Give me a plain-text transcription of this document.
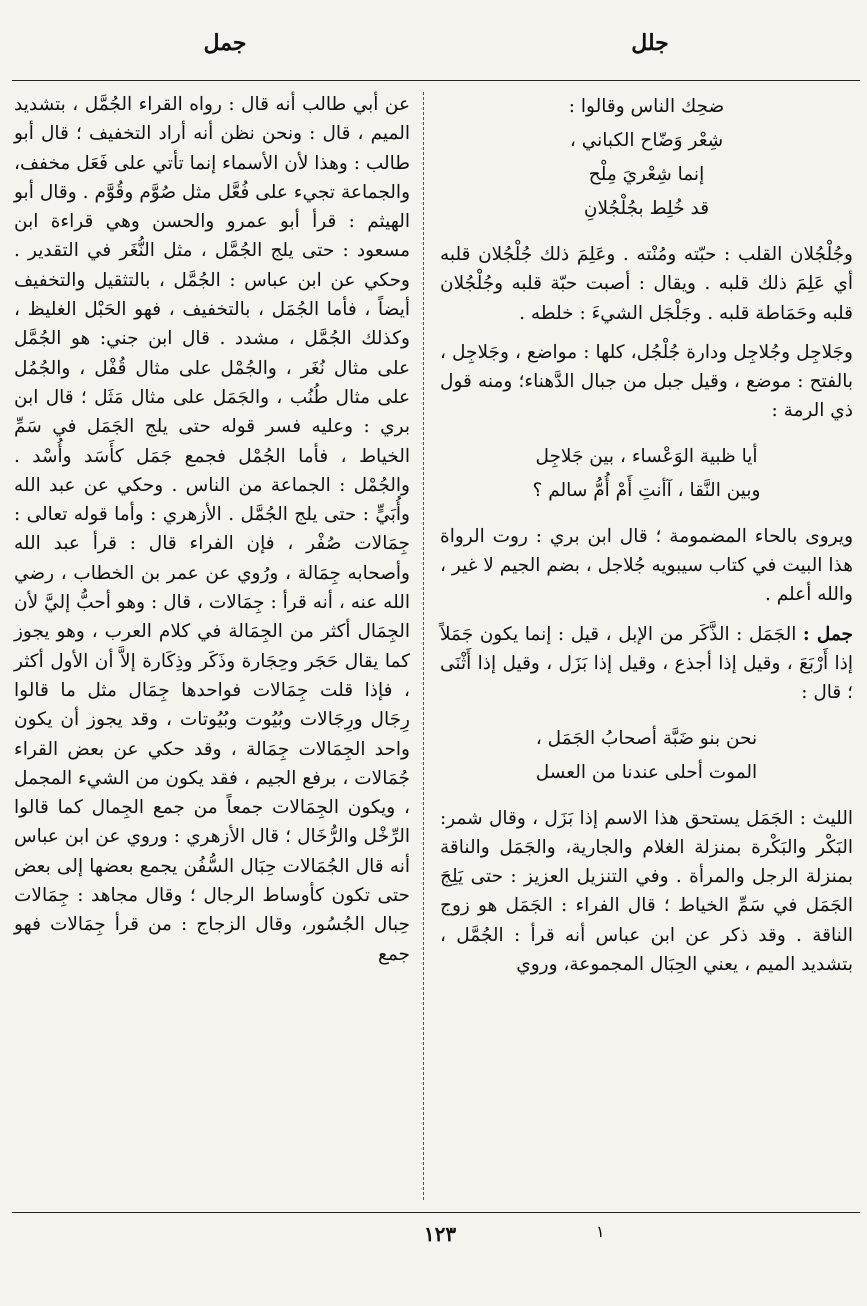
جلل
جمل
ضحِك الناس وقالوا :
شِعْر وَضّاح الكباني ،
إنما شِعْريَ مِلْح
قد خُلِط بجُلْجُلانِ

وجُلْجُلان القلب : حبّته ومُنْته . وعَلِمَ ذلك جُلْجُلان قلبه أي عَلِمَ ذلك قلبه . ويقال : أصبت حبّة قلبه وجُلْجُلان قلبه وحَمَاطة قلبه . وجَلْجَل الشيءَ : خلطه .

وجَلاجِل وجُلاجِل ودارة جُلْجُل، كلها : مواضع ، وجَلاجِل ، بالفتح : موضع ، وقيل جبل من جبال الدَّهناء؛ ومنه قول ذي الرمة :

أيا ظبية الوَعْساء ، بين جَلاجِل
وبين النَّقا ، آأنتِ أَمْ أُمُّ سالم ؟

ويروى بالحاء المضمومة ؛ قال ابن بري : روت الرواة هذا البيت في كتاب سيبويه جُلاجل ، بضم الجيم لا غير ، والله أعلم .

جمل : الجَمَل : الذَّكَر من الإبل ، قيل : إنما يكون جَمَلاً إذا أَرْبَعَ ، وقيل إذا أجذع ، وقيل إذا بَزَل ، وقيل إذا أَثْنَى ؛ قال :

نحن بنو ضَبَّة أصحابُ الجَمَل ،
الموت أحلى عندنا من العسل

الليث : الجَمَل يستحق هذا الاسم إذا بَزَل ، وقال شمر: البَكْر والبَكْرة بمنزلة الغلام والجارية، والجَمَل والناقة بمنزلة الرجل والمرأة . وفي التنزيل العزيز : حتى يَلِجَ الجَمَل في سَمِّ الخياط ؛ قال الفراء : الجَمَل هو زوج الناقة . وقد ذكر عن ابن عباس أنه قرأ : الجُمَّل ، بتشديد الميم ، يعني الحِبَال المجموعة، وروي

عن أبي طالب أنه قال : رواه القراء الجُمَّل ، بتشديد الميم ، قال : ونحن نظن أنه أراد التخفيف ؛ قال أبو طالب : وهذا لأن الأسماء إنما تأتي على فَعَل مخفف، والجماعة تجيء على فُعَّل مثل صُوَّم وقُوَّم . وقال أبو الهيثم : قرأ أبو عمرو والحسن وهي قراءة ابن مسعود : حتى يلج الجُمَّل ، مثل النُّغَر في التقدير . وحكي عن ابن عباس : الجُمَّل ، بالتثقيل والتخفيف أيضاً ، فأما الجُمَل ، بالتخفيف ، فهو الحَبْل الغليظ ، وكذلك الجُمَّل ، مشدد . قال ابن جني: هو الجُمَّل على مثال نُغَر ، والجُمْل على مثال قُفْل ، والجُمُل على مثال طُنُب ، والجَمَل على مثال مَثَل ؛ قال ابن بري : وعليه فسر قوله حتى يلج الجَمَل في سَمِّ الخياط ، فأما الجُمْل فجمع جَمَل كأَسَد وأُسْد . والجُمْل : الجماعة من الناس . وحكي عن عبد الله وأُبَيٍّ : حتى يلج الجُمَّل . الأزهري : وأما قوله تعالى : جِمَالات صُفْر ، فإن الفراء قال : قرأ عبد الله وأصحابه جِمَالة ، ورُوي عن عمر بن الخطاب ، رضي الله عنه ، أنه قرأ : جِمَالات ، قال : وهو أحبُّ إليَّ لأن الجِمَال أكثر من الجِمَالة في كلام العرب ، وهو يجوز كما يقال حَجَر وحِجَارة وذَكَر وذِكَارة إلاَّ أن الأول أكثر ، فإذا قلت جِمَالات فواحدها جِمَال مثل ما قالوا رِجَال ورِجَالات وبُيُوت وبُيُوتات ، وقد يجوز أن يكون واحد الجِمَالات جِمَالة ، وقد حكي عن بعض القراء جُمَالات ، برفع الجيم ، فقد يكون من الشيء المجمل ، ويكون الجِمَالات جمعاً من جمع الجِمال كما قالوا الرِّخْل والرُّخَال ؛ قال الأزهري : وروي عن ابن عباس أنه قال الجُمَالات حِبَال السُّفُن يجمع بعضها إلى بعض حتى تكون كأوساط الرجال ؛ وقال مجاهد : جِمَالات حِبال الجُسُور، وقال الزجاج : من قرأ جِمَالات فهو جمع

١
١٢٣
